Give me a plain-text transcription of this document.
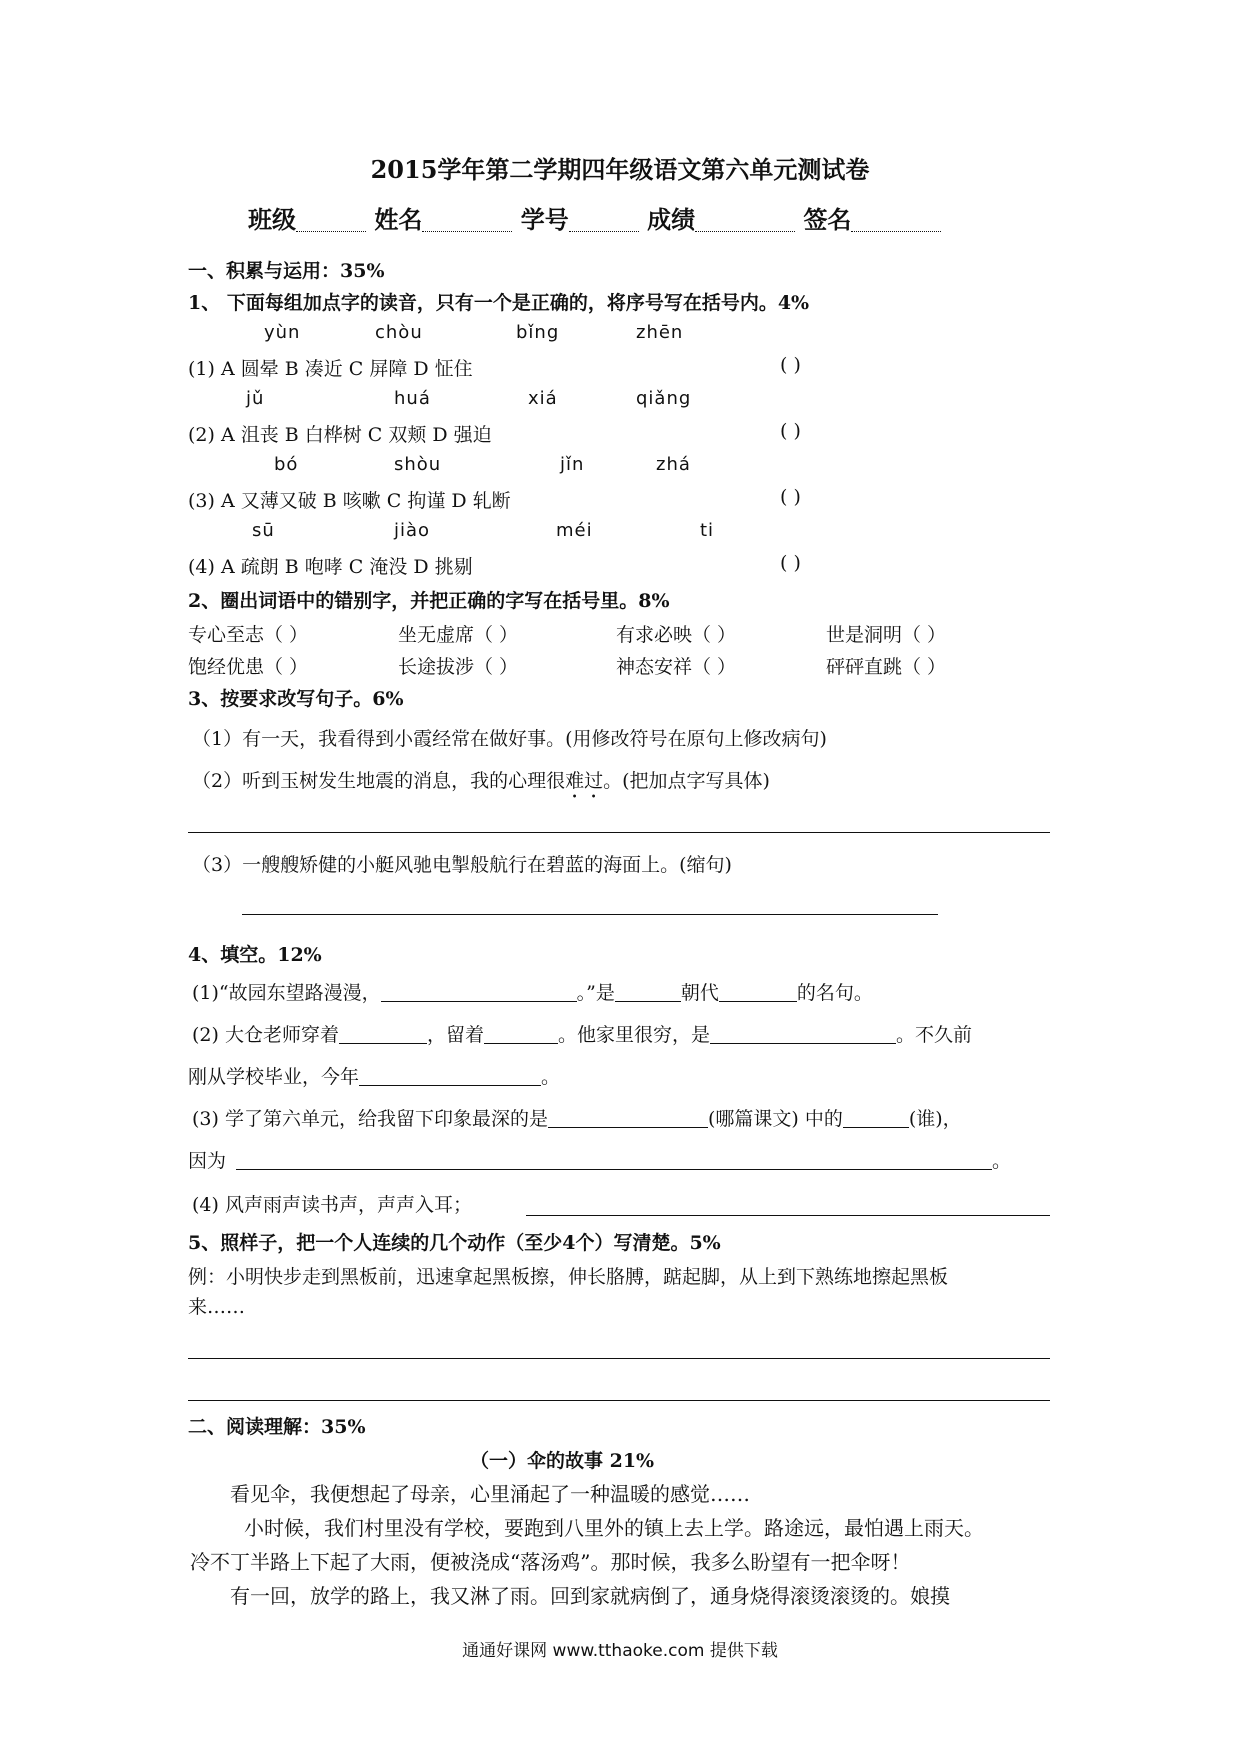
2015学年第二学期四年级语文第六单元测试卷
班级	姓名	学号	成绩	签名
一、积累与运用：35%
1、 下面每组加点字的读音，只有一个是正确的，将序号写在括号内。4%
yùn	chòu	bǐng	zhēn
(1) A 圆晕 B 凑近 C 屏障 D 怔住	( )
jǔ	huá	xiá	qiǎng
(2) A 沮丧 B 白桦树 C 双颊 D 强迫	( )
bó	shòu	jǐn	zhá
(3) A 又薄又破 B 咳嗽 C 拘谨 D 轧断	( )
sū	jiào	méi	ti
(4) A 疏朗 B 咆哮 C 淹没 D 挑剔	( )
2、圈出词语中的错别字，并把正确的字写在括号里。8%
专心至志（ ）	坐无虚席（ ）	有求必映（ ）	世是洞明（ ）
饱经优患（ ）	长途拔涉（ ）	神态安祥（ ）	砰砰直跳（ ）
3、按要求改写句子。6%
（1）有一天，我看得到小霞经常在做好事。(用修改符号在原句上修改病句)
（2）听到玉树发生地震的消息，我的心理很难过。(把加点字写具体)
（3）一艘艘矫健的小艇风驰电掣般航行在碧蓝的海面上。(缩句)
4、填空。12%
(1)“故园东望路漫漫，	。”是	朝代	的名句。
(2) 大仓老师穿着	，留着	。他家里很穷，是	。不久前
刚从学校毕业，今年	。
(3) 学了第六单元，给我留下印象最深的是	(哪篇课文) 中的	(谁)，
因为	。
(4) 风声雨声读书声，声声入耳；
5、照样子，把一个人连续的几个动作（至少4个）写清楚。5%
例：小明快步走到黑板前，迅速拿起黑板擦，伸长胳膊，踮起脚，从上到下熟练地擦起黑板
来……
二、阅读理解：35%
（一）伞的故事 21%
看见伞，我便想起了母亲，心里涌起了一种温暖的感觉……
小时候，我们村里没有学校，要跑到八里外的镇上去上学。路途远，最怕遇上雨天。
冷不丁半路上下起了大雨，便被浇成“落汤鸡”。那时候，我多么盼望有一把伞呀！
有一回，放学的路上，我又淋了雨。回到家就病倒了，通身烧得滚烫滚烫的。娘摸
通通好课网 www.tthaoke.com 提供下载
